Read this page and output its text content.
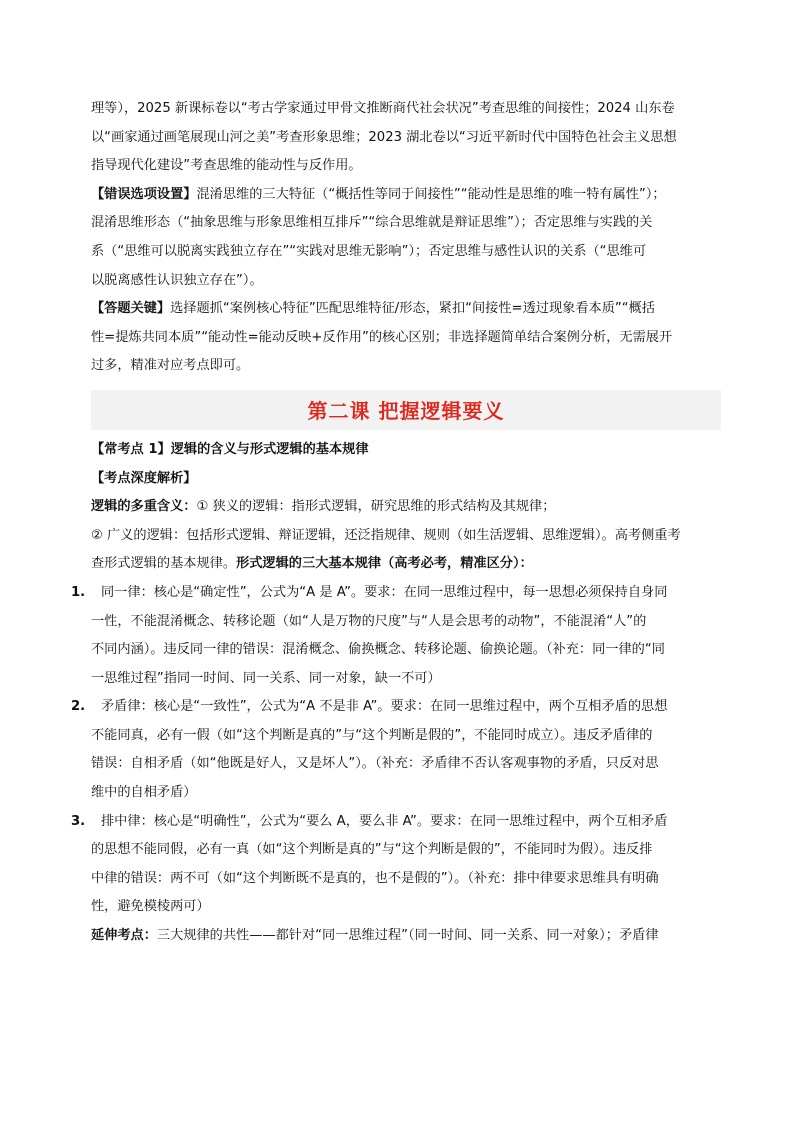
理等），2025 新课标卷以“考古学家通过甲骨文推断商代社会状况”考查思维的间接性；2024 山东卷
以“画家通过画笔展现山河之美”考查形象思维；2023 湖北卷以“习近平新时代中国特色社会主义思想
指导现代化建设”考查思维的能动性与反作用。
【错误选项设置】混淆思维的三大特征（“概括性等同于间接性”“能动性是思维的唯一特有属性”）；
混淆思维形态（“抽象思维与形象思维相互排斥”“综合思维就是辩证思维”）；否定思维与实践的关
系（“思维可以脱离实践独立存在”“实践对思维无影响”）；否定思维与感性认识的关系（“思维可
以脱离感性认识独立存在”）。
【答题关键】选择题抓“案例核心特征”匹配思维特征/形态，紧扣“间接性=透过现象看本质”“概括
性=提炼共同本质”“能动性=能动反映+反作用”的核心区别；非选择题简单结合案例分析，无需展开
过多，精准对应考点即可。
第二课 把握逻辑要义
【常考点 1】逻辑的含义与形式逻辑的基本规律
【考点深度解析】
逻辑的多重含义：① 狭义的逻辑：指形式逻辑，研究思维的形式结构及其规律；
② 广义的逻辑：包括形式逻辑、辩证逻辑，还泛指规律、规则（如生活逻辑、思维逻辑）。高考侧重考
查形式逻辑的基本规律。形式逻辑的三大基本规律（高考必考，精准区分）：
1. 同一律：核心是“确定性”，公式为“A 是 A”。要求：在同一思维过程中，每一思想必须保持自身同
一性，不能混淆概念、转移论题（如“人是万物的尺度”与“人是会思考的动物”，不能混淆“人”的
不同内涵）。违反同一律的错误：混淆概念、偷换概念、转移论题、偷换论题。（补充：同一律的“同
一思维过程”指同一时间、同一关系、同一对象，缺一不可）
2. 矛盾律：核心是“一致性”，公式为“A 不是非 A”。要求：在同一思维过程中，两个互相矛盾的思想
不能同真，必有一假（如“这个判断是真的”与“这个判断是假的”，不能同时成立）。违反矛盾律的
错误：自相矛盾（如“他既是好人，又是坏人”）。（补充：矛盾律不否认客观事物的矛盾，只反对思
维中的自相矛盾）
3. 排中律：核心是“明确性”，公式为“要么 A，要么非 A”。要求：在同一思维过程中，两个互相矛盾
的思想不能同假，必有一真（如“这个判断是真的”与“这个判断是假的”，不能同时为假）。违反排
中律的错误：两不可（如“这个判断既不是真的，也不是假的”）。（补充：排中律要求思维具有明确
性，避免模棱两可）
延伸考点：三大规律的共性——都针对“同一思维过程”（同一时间、同一关系、同一对象）；矛盾律
